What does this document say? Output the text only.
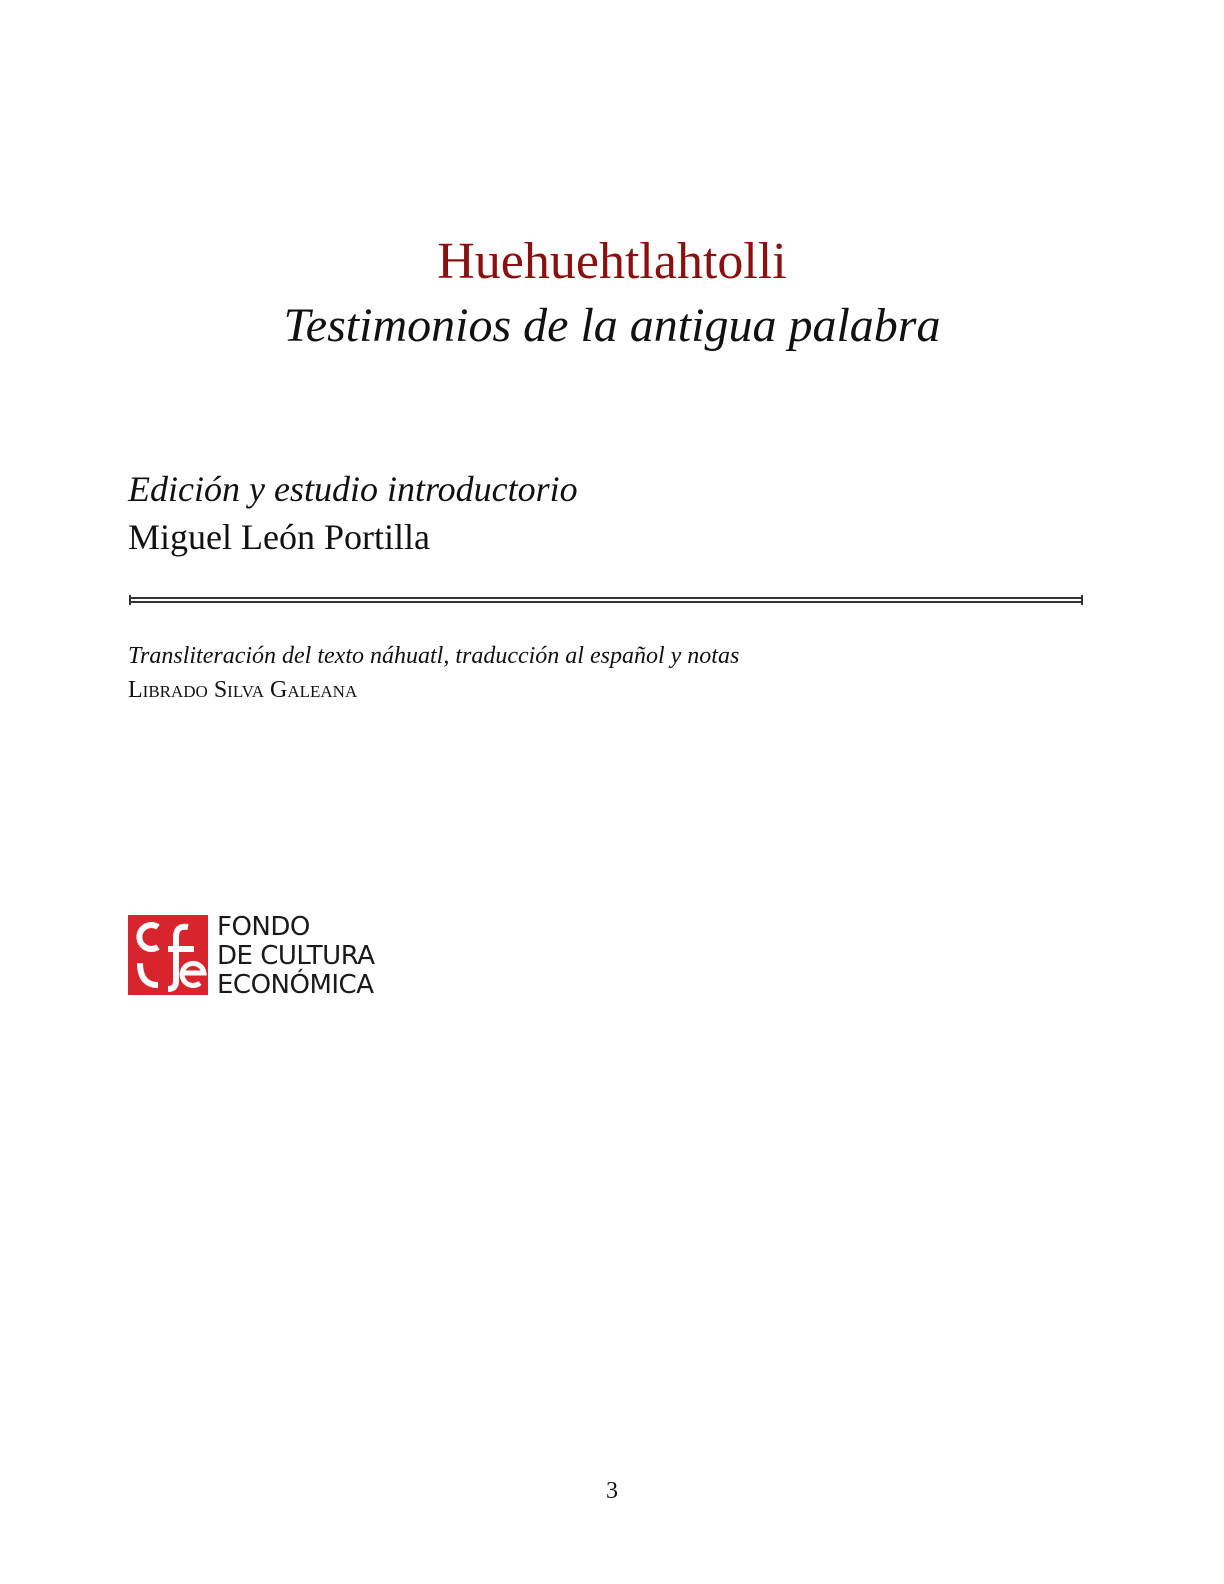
Huehuehtlahtolli
Testimonios de la antigua palabra
Edición y estudio introductorio
Miguel León Portilla
Transliteración del texto náhuatl, traducción al español y notas
Librado Silva Galeana
FONDO
DE CULTURA
ECONÓMICA
3
